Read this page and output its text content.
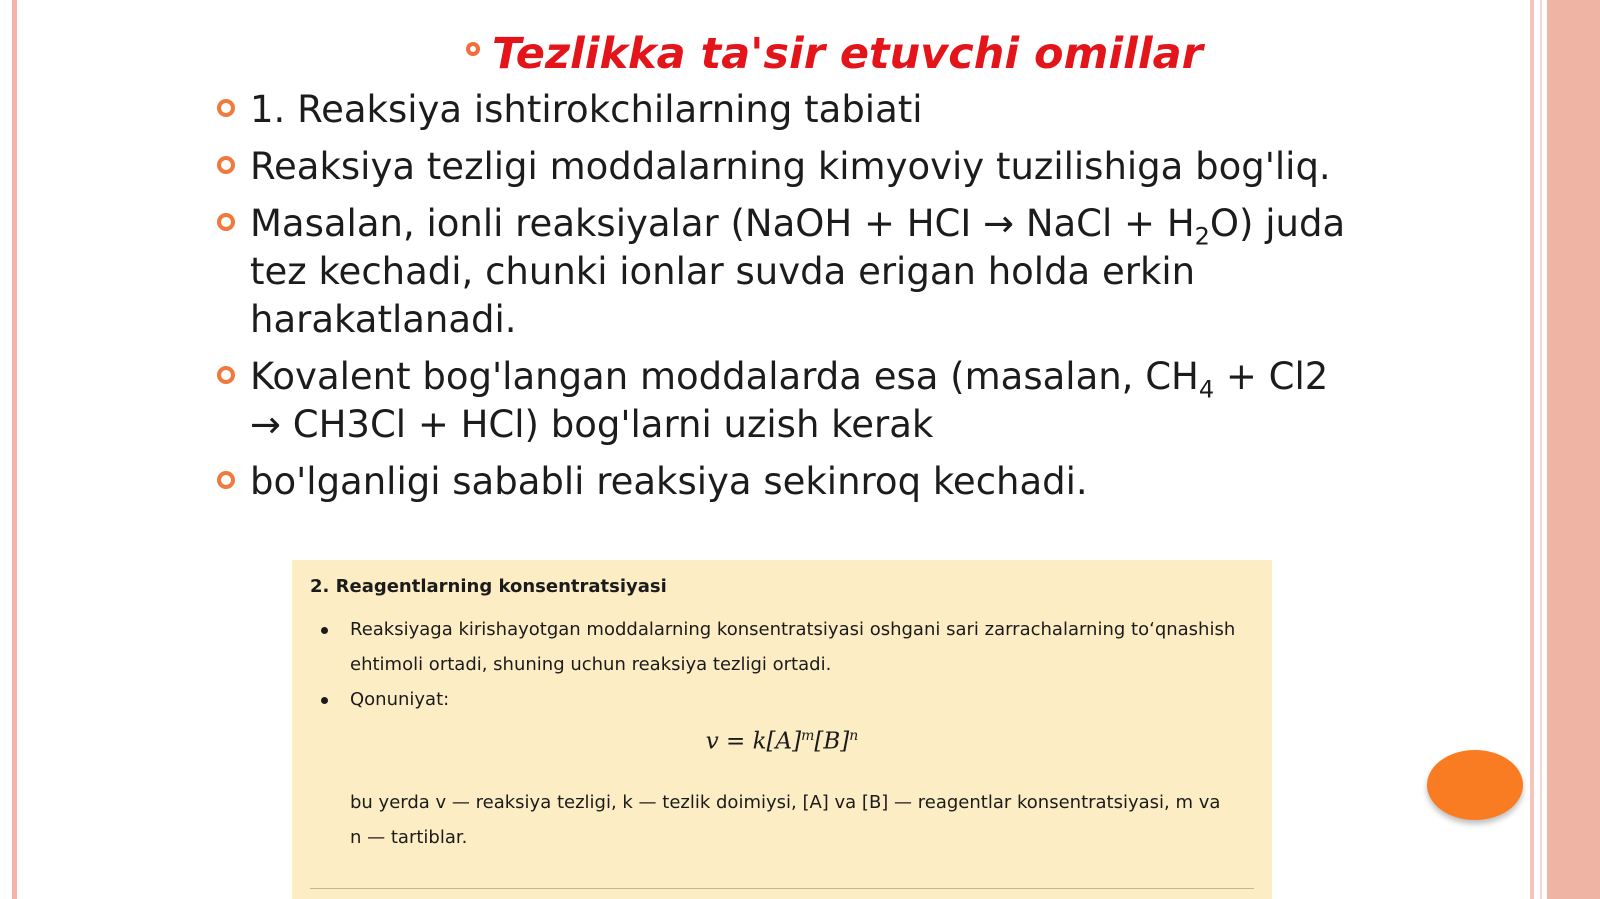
Tezlikka ta'sir etuvchi omillar
1. Reaksiya ishtirokchilarning tabiati
Reaksiya tezligi moddalarning kimyoviy tuzilishiga bog'liq.
Masalan, ionli reaksiyalar (NaOH + HCI → NaCl + $H_2O$) juda tez kechadi, chunki ionlar suvda erigan holda erkin harakatlanadi.
Kovalent bog'langan moddalarda esa (masalan, $CH_4 + Cl2 \to CH3Cl + HCl$) bog'larni uzish kerak
bo'lganligi sababli reaksiya sekinroq kechadi.
2. Reagentlarning konsentratsiyasi
Reaksiyaga kirishayotgan moddalarning konsentratsiyasi oshgani sari zarrachalarning to‘qnashish ehtimoli ortadi, shuning uchun reaksiya tezligi ortadi.
Qonuniyat:
$v = k[A]^m[B]^n$
bu yerda v — reaksiya tezligi, k — tezlik doimiysi, [A] va [B] — reagentlar konsentratsiyasi, m va n — tartiblar.
